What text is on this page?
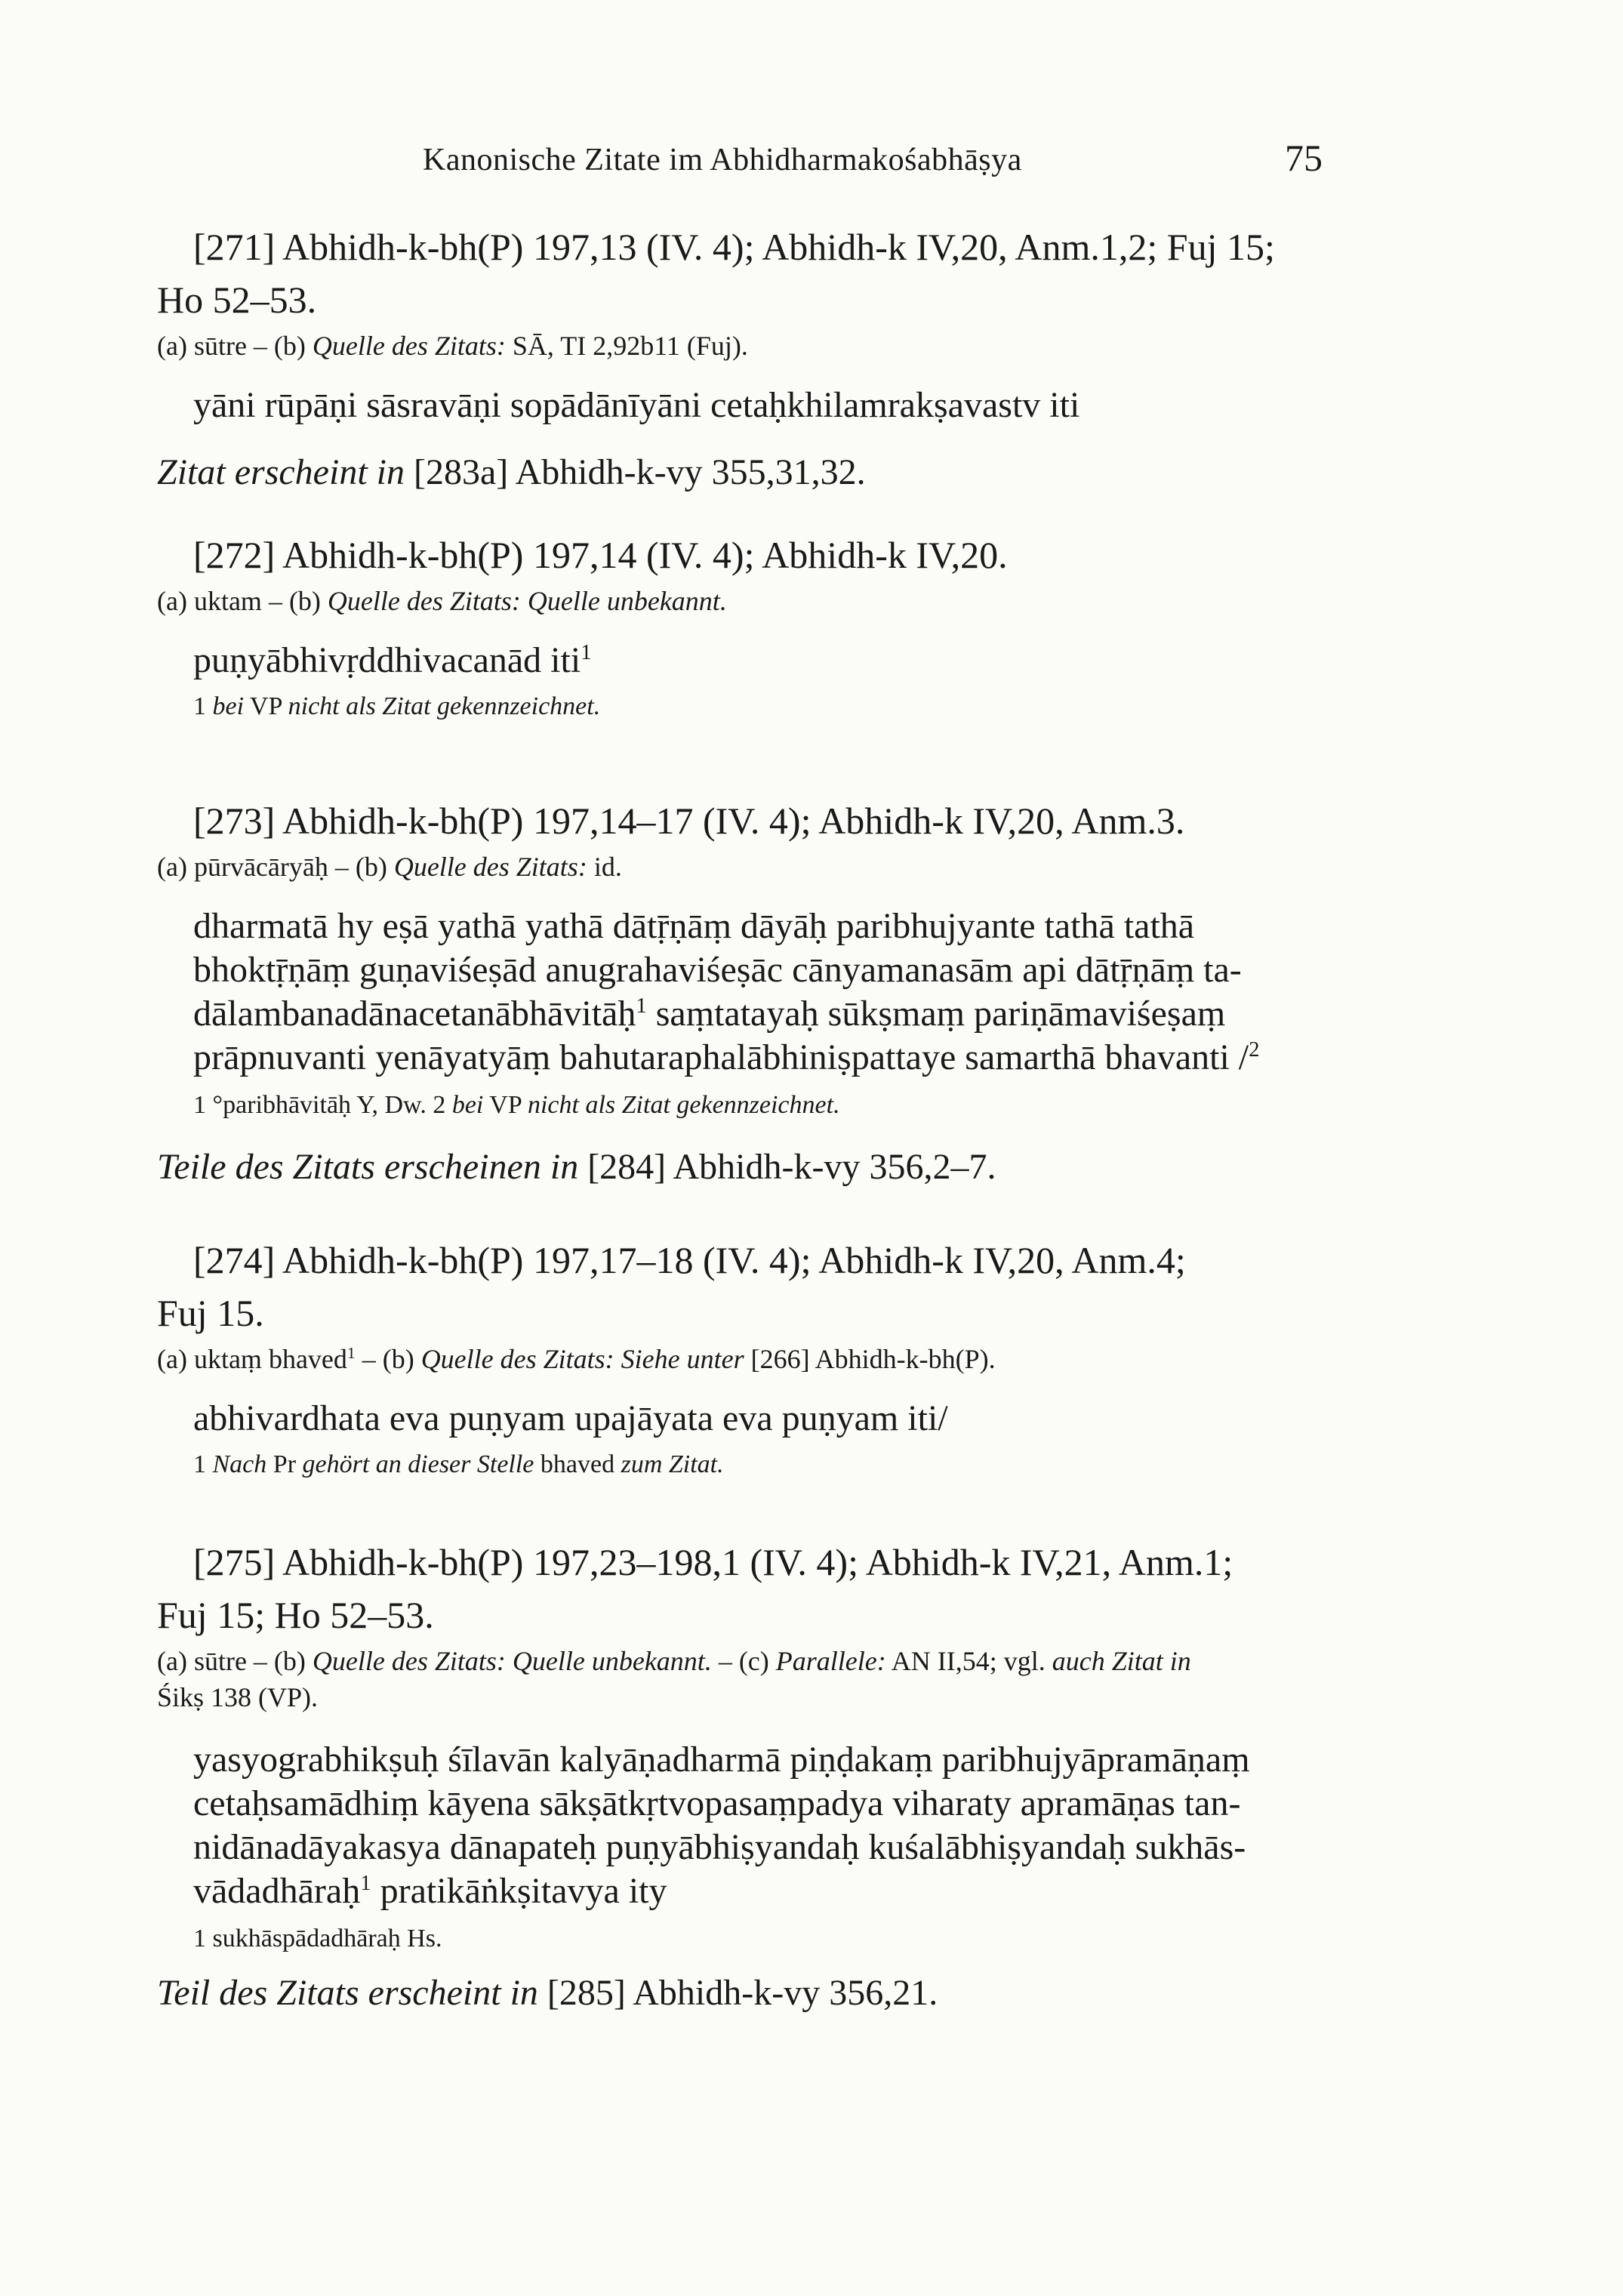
Kanonische Zitate im Abhidharmakośabhāṣya	75

[271] Abhidh-k-bh(P) 197,13 (IV. 4); Abhidh-k IV,20, Anm.1,2; Fuj 15;
Ho 52–53.

(a) sūtre – (b) Quelle des Zitats: SĀ, TI 2,92b11 (Fuj).

yāni rūpāṇi sāsravāṇi sopādānīyāni cetaḥkhilamrakṣavastv iti

Zitat erscheint in [283a] Abhidh-k-vy 355,31,32.

[272] Abhidh-k-bh(P) 197,14 (IV. 4); Abhidh-k IV,20.

(a) uktam – (b) Quelle des Zitats: Quelle unbekannt.

puṇyābhivṛddhivacanād iti$^1$

1 bei VP nicht als Zitat gekennzeichnet.

[273] Abhidh-k-bh(P) 197,14–17 (IV. 4); Abhidh-k IV,20, Anm.3.

(a) pūrvācāryāḥ – (b) Quelle des Zitats: id.

dharmatā hy eṣā yathā yathā dātṝṇāṃ dāyāḥ paribhujyante tathā tathā
bhoktṝṇāṃ guṇaviśeṣād anugrahaviśeṣāc cānyamanasām api dātṝṇāṃ ta-
dālambanadānacetanābhāvitāḥ$^1$ saṃtatayaḥ sūkṣmaṃ pariṇāmaviśeṣaṃ
prāpnuvanti yenāyatyāṃ bahutaraphalābhiniṣpattaye samarthā bhavanti /$^2$

1 °paribhāvitāḥ Y, Dw. 2 bei VP nicht als Zitat gekennzeichnet.

Teile des Zitats erscheinen in [284] Abhidh-k-vy 356,2–7.

[274] Abhidh-k-bh(P) 197,17–18 (IV. 4); Abhidh-k IV,20, Anm.4;
Fuj 15.

(a) uktaṃ bhaved$^1$ – (b) Quelle des Zitats: Siehe unter [266] Abhidh-k-bh(P).

abhivardhata eva puṇyam upajāyata eva puṇyam iti/

1 Nach Pr gehört an dieser Stelle bhaved zum Zitat.

[275] Abhidh-k-bh(P) 197,23–198,1 (IV. 4); Abhidh-k IV,21, Anm.1;
Fuj 15; Ho 52–53.

(a) sūtre – (b) Quelle des Zitats: Quelle unbekannt. – (c) Parallele: AN II,54; vgl. auch Zitat in
Śikṣ 138 (VP).

yasyograbhikṣuḥ śīlavān kalyāṇadharmā piṇḍakaṃ paribhujyāpramāṇaṃ
cetaḥsamādhiṃ kāyena sākṣātkṛtvopasaṃpadya viharaty apramāṇas tan-
nidānadāyakasya dānapateḥ puṇyābhiṣyandaḥ kuśalābhiṣyandaḥ sukhās-
vādadhāraḥ$^1$ pratikāṅkṣitavya ity

1 sukhāspādadhāraḥ Hs.

Teil des Zitats erscheint in [285] Abhidh-k-vy 356,21.
